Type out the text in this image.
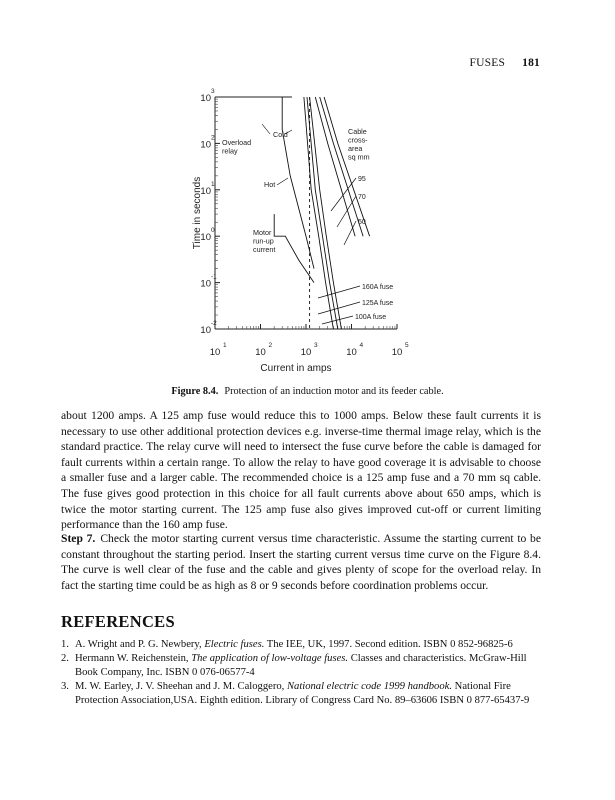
FUSES 181
10
3
10
2
10
1
10
0
10
-1
10
-2
10
1
10
2
10
3
10
4
10
5
Current in amps
Time in seconds	95
70
50
160A fuse
125A fuse
100A fuse
Overload
relay
Motor
run-up
current
Cable
cross-
area
sq mm
Cold
Hot
Figure 8.4. Protection of an induction motor and its feeder cable.

about 1200 amps. A 125 amp fuse would reduce this to 1000 amps. Below these fault currents it is necessary to use other additional protection devices e.g. inverse-time thermal image relay, which is the standard practice. The relay curve will need to intersect the fuse curve before the cable is damaged for fault currents within a certain range. To allow the relay to have good coverage it is advisable to choose a smaller fuse and a larger cable. The recommended choice is a 125 amp fuse and a 70 mm sq cable. The fuse gives good protection in this choice for all fault currents above about 650 amps, which is twice the motor starting current. The 125 amp fuse also gives improved cut-off or current limiting performance than the 160 amp fuse.

Step 7. Check the motor starting current versus time characteristic. Assume the starting current to be constant throughout the starting period. Insert the starting current versus time curve on the Figure 8.4. The curve is well clear of the fuse and the cable and gives plenty of scope for the overload relay. In fact the starting time could be as high as 8 or 9 seconds before coordination problems occur.

REFERENCES
1. A. Wright and P. G. Newbery, Electric fuses. The IEE, UK, 1997. Second edition. ISBN 0 852-96825-6
2. Hermann W. Reichenstein, The application of low-voltage fuses. Classes and characteristics. McGraw-Hill Book Company, Inc. ISBN 0 076-06577-4
3. M. W. Earley, J. V. Sheehan and J. M. Caloggero, National electric code 1999 handbook. National Fire Protection Association,USA. Eighth edition. Library of Congress Card No. 89–63606 ISBN 0 877-65437-9
